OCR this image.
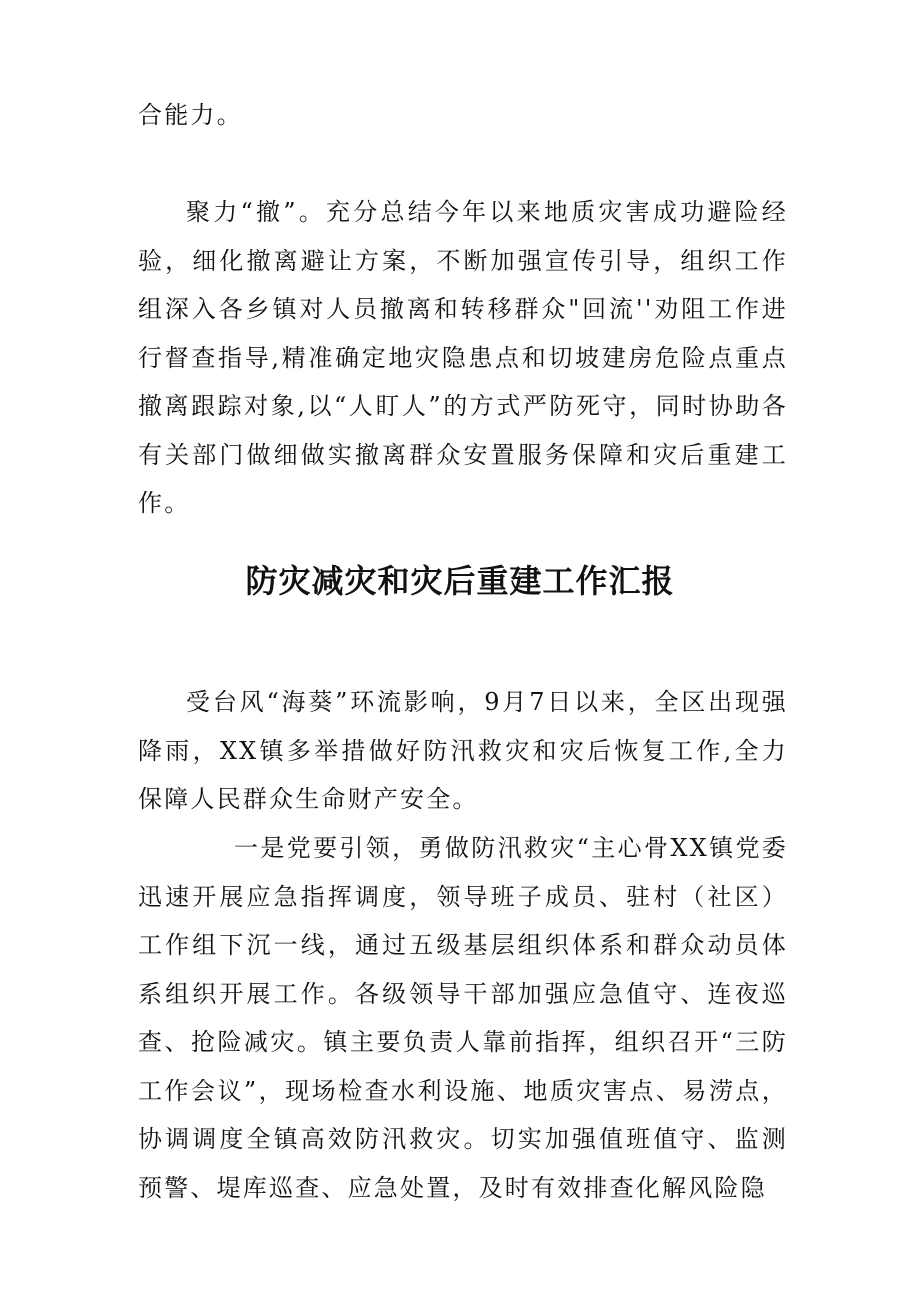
合能力。

聚力“撤”。充分总结今年以来地质灾害成功避险经验，细化撤离避让方案，不断加强宣传引导，组织工作组深入各乡镇对人员撤离和转移群众"回流''劝阻工作进行督查指导,精准确定地灾隐患点和切坡建房危险点重点撤离跟踪对象,以“人盯人”的方式严防死守，同时协助各有关部门做细做实撤离群众安置服务保障和灾后重建工作。

防灾减灾和灾后重建工作汇报

受台风“海葵”环流影响，9月7日以来，全区出现强降雨，XX镇多举措做好防汛救灾和灾后恢复工作,全力保障人民群众生命财产安全。

一是党要引领，勇做防汛救灾“主心骨XX镇党委迅速开展应急指挥调度，领导班子成员、驻村（社区）工作组下沉一线，通过五级基层组织体系和群众动员体系组织开展工作。各级领导干部加强应急值守、连夜巡查、抢险减灾。镇主要负责人靠前指挥，组织召开“三防工作会议”，现场检查水利设施、地质灾害点、易涝点，协调调度全镇高效防汛救灾。切实加强值班值守、监测预警、堤库巡查、应急处置，及时有效排查化解风险隐
